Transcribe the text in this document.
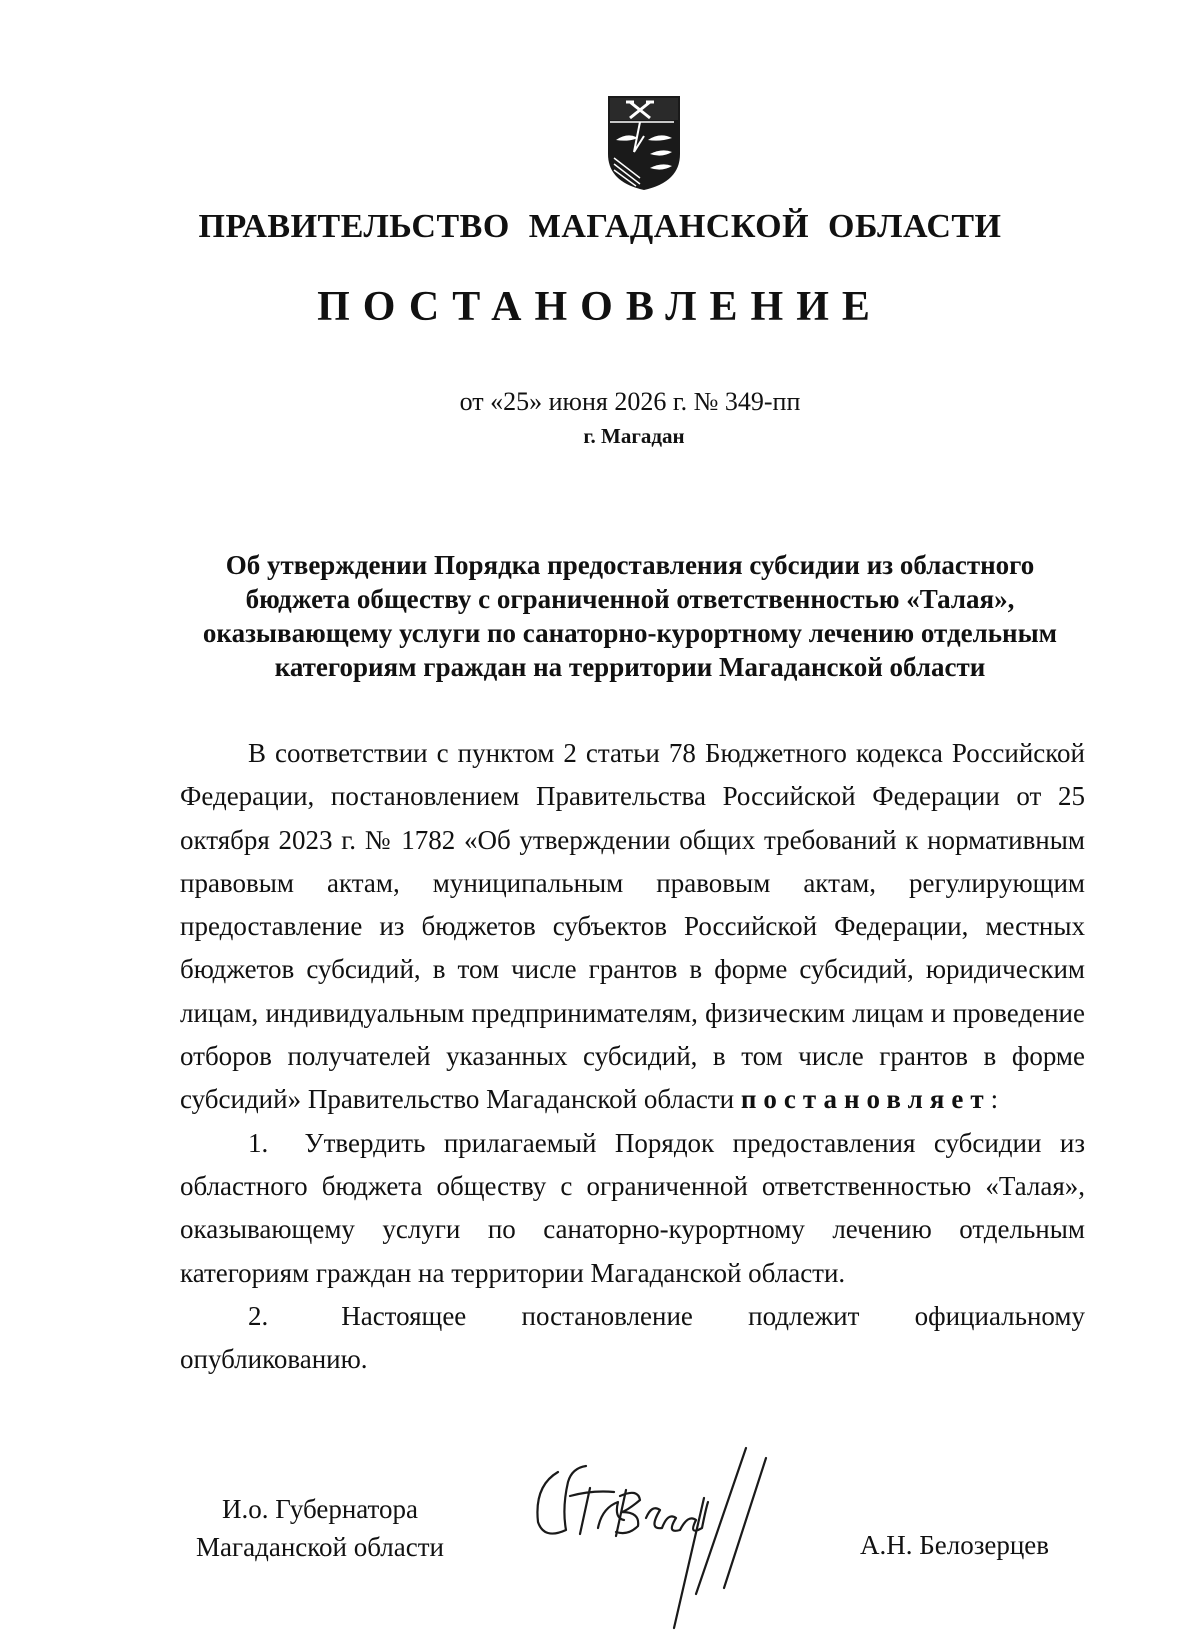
ПРАВИТЕЛЬСТВО МАГАДАНСКОЙ ОБЛАСТИ
ПОСТАНОВЛЕНИЕ
от «25» июня 2026 г. № 349-пп
г. Магадан
Об утверждении Порядка предоставления субсидии из областного
бюджета обществу с ограниченной ответственностью «Талая»,
оказывающему услуги по санаторно-курортному лечению отдельным
категориям граждан на территории Магаданской области

В соответствии с пунктом 2 статьи 78 Бюджетного кодекса Российской Федерации, постановлением Правительства Российской Федерации от 25 октября 2023 г. № 1782 «Об утверждении общих требований к нормативным правовым актам, муниципальным правовым актам, регулирующим предоставление из бюджетов субъектов Российской Федерации, местных бюджетов субсидий, в том числе грантов в форме субсидий, юридическим лицам, индивидуальным предпринимателям, физическим лицам и проведение отборов получателей указанных субсидий, в том числе грантов в форме субсидий» Правительство Магаданской области постановляет:

1. Утвердить прилагаемый Порядок предоставления субсидии из областного бюджета обществу с ограниченной ответственностью «Талая», оказывающему услуги по санаторно-курортному лечению отдельным категориям граждан на территории Магаданской области.

2.	Настоящее постановление подлежит официальному опубликованию.

И.о. Губернатора
Магаданской области	А.Н. Белозерцев
